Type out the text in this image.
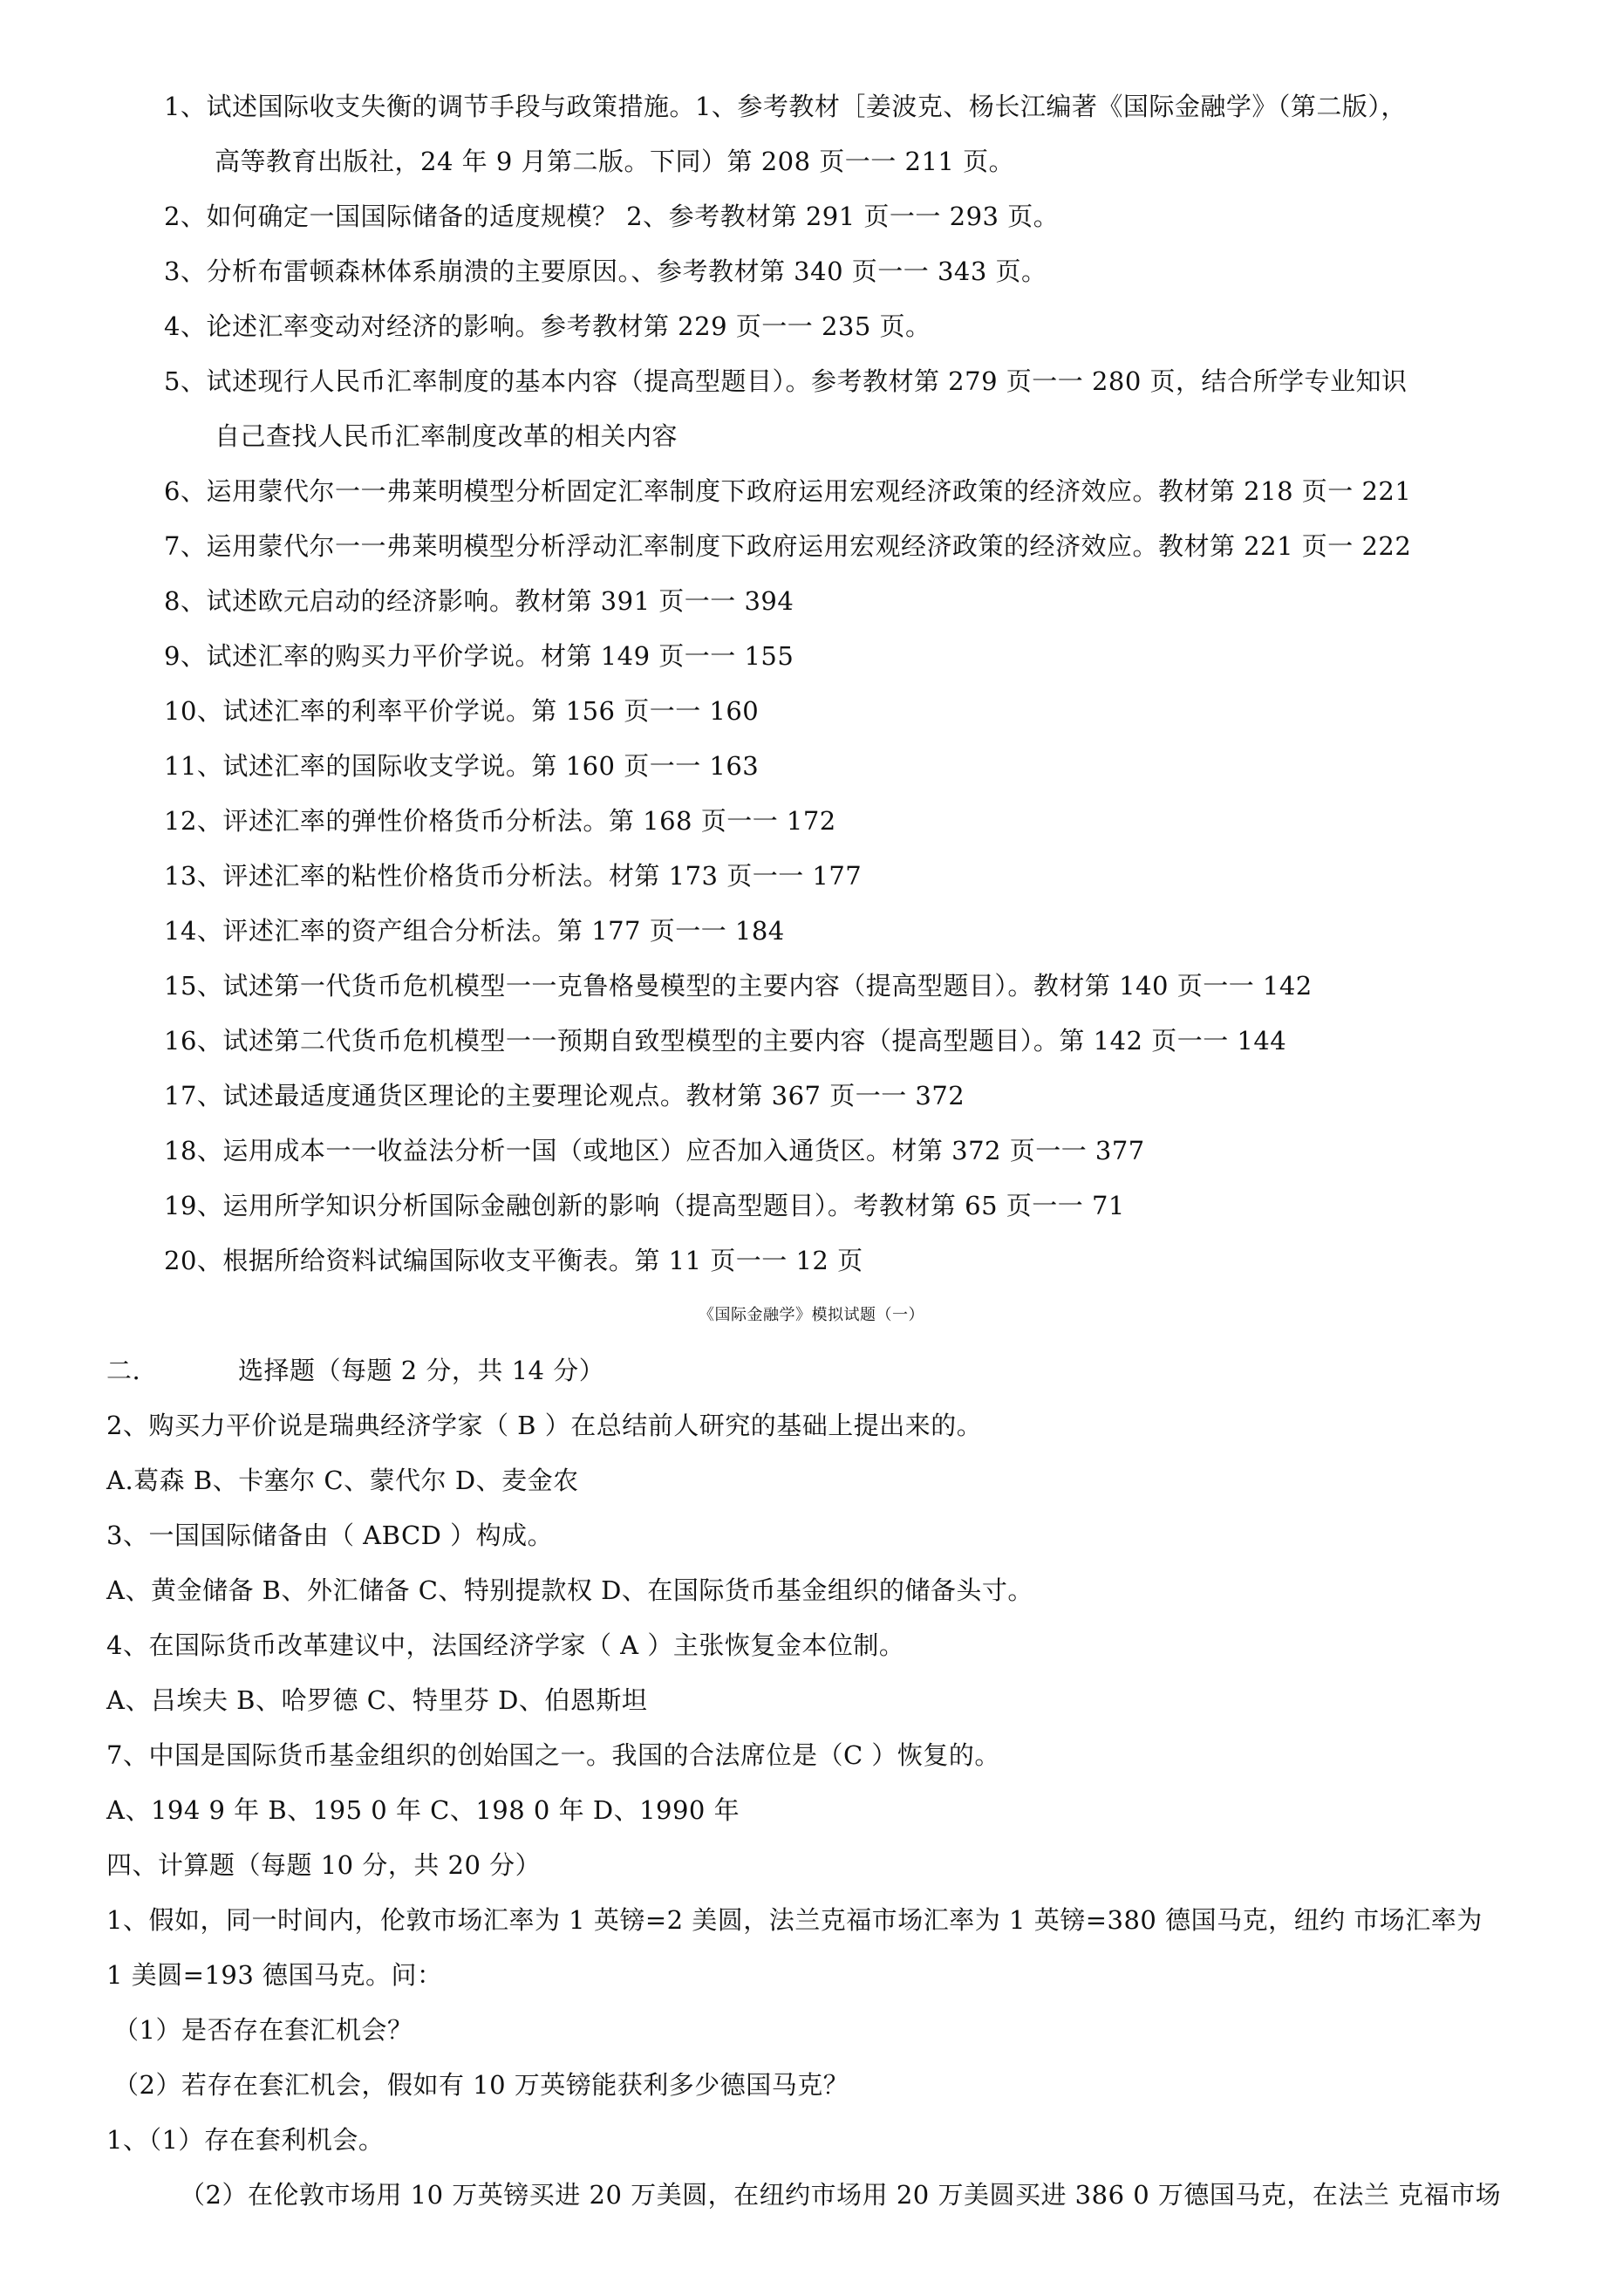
1、试述国际收支失衡的调节手段与政策措施。1、参考教材［姜波克、杨长江编著《国际金融学》（第二版），
高等教育出版社，24 年 9 月第二版。下同）第 208 页一一 211 页。
2、如何确定一国国际储备的适度规模？ 2、参考教材第 291 页一一 293 页。
3、分析布雷顿森林体系崩溃的主要原因。、参考教材第 340 页一一 343 页。
4、论述汇率变动对经济的影响。参考教材第 229 页一一 235 页。
5、试述现行人民币汇率制度的基本内容（提高型题目）。参考教材第 279 页一一 280 页，结合所学专业知识
自己查找人民币汇率制度改革的相关内容
6、运用蒙代尔一一弗莱明模型分析固定汇率制度下政府运用宏观经济政策的经济效应。教材第 218 页一 221
7、运用蒙代尔一一弗莱明模型分析浮动汇率制度下政府运用宏观经济政策的经济效应。教材第 221 页一 222
8、试述欧元启动的经济影响。教材第 391 页一一 394
9、试述汇率的购买力平价学说。材第 149 页一一 155
10、试述汇率的利率平价学说。第 156 页一一 160
11、试述汇率的国际收支学说。第 160 页一一 163
12、评述汇率的弹性价格货币分析法。第 168 页一一 172
13、评述汇率的粘性价格货币分析法。材第 173 页一一 177
14、评述汇率的资产组合分析法。第 177 页一一 184
15、试述第一代货币危机模型一一克鲁格曼模型的主要内容（提高型题目）。教材第 140 页一一 142
16、试述第二代货币危机模型一一预期自致型模型的主要内容（提高型题目）。第 142 页一一 144
17、试述最适度通货区理论的主要理论观点。教材第 367 页一一 372
18、运用成本一一收益法分析一国（或地区）应否加入通货区。材第 372 页一一 377
19、运用所学知识分析国际金融创新的影响（提高型题目）。考教材第 65 页一一 71
20、根据所给资料试编国际收支平衡表。第 11 页一一 12 页
《国际金融学》模拟试题（一）
二.	选择题（每题 2 分，共 14 分）
2、购买力平价说是瑞典经济学家（ B ）在总结前人研究的基础上提出来的。
A.葛森 B、卡塞尔 C、蒙代尔 D、麦金农
3、一国国际储备由（ ABCD ）构成。
A、黄金储备 B、外汇储备 C、特别提款权 D、在国际货币基金组织的储备头寸。
4、在国际货币改革建议中，法国经济学家（ A ）主张恢复金本位制。
A、吕埃夫 B、哈罗德 C、特里芬 D、伯恩斯坦
7、中国是国际货币基金组织的创始国之一。我国的合法席位是（C ）恢复的。
A、194 9 年 B、195 0 年 C、198 0 年 D、1990 年
四、计算题（每题 10 分，共 20 分）
1、假如，同一时间内，伦敦市场汇率为 1 英镑=2 美圆，法兰克福市场汇率为 1 英镑=380 德国马克，纽约 市场汇率为
1 美圆=193 德国马克。问：
（1）是否存在套汇机会？
（2）若存在套汇机会，假如有 10 万英镑能获利多少德国马克？
1、（1）存在套利机会。
（2）在伦敦市场用 10 万英镑买进 20 万美圆，在纽约市场用 20 万美圆买进 386 0 万德国马克，在法兰 克福市场
